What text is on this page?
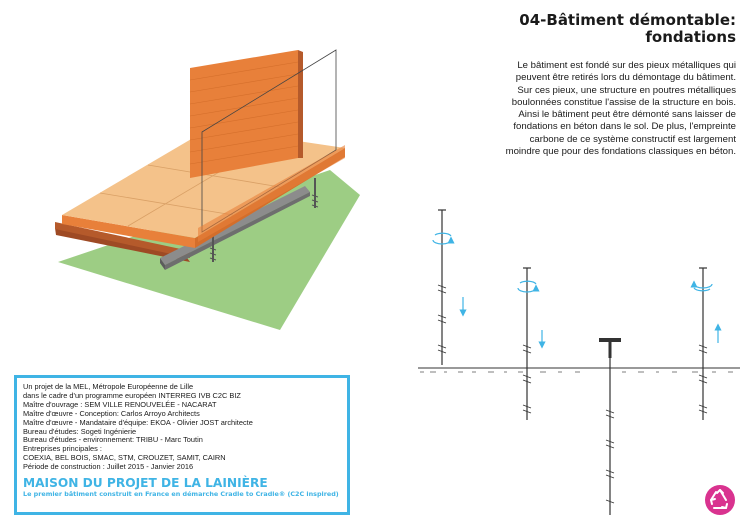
04-Bâtiment démontable:
fondations
Le bâtiment est fondé sur des pieux métalliques qui
peuvent être retirés lors du démontage du bâtiment.
Sur ces pieux, une structure en poutres métalliques
boulonnées constitue l'assise de la structure en bois.
Ainsi le bâtiment peut être démonté sans laisser de
fondations en béton dans le sol. De plus, l'empreinte
carbone de ce système constructif est largement
moindre que pour des fondations classiques en béton.
Un projet de la MEL, Métropole Européenne de Lille
dans le cadre d'un programme européen INTERREG IVB C2C BIZ
Maître d'ouvrage : SEM VILLE RENOUVELÉE - NACARAT
Maître d'œuvre - Conception: Carlos Arroyo Architects
Maître d'œuvre - Mandataire d'équipe: EKOA - Olivier JOST architecte
Bureau d'études: Sogeti Ingénierie
Bureau d'études - environnement: TRIBU - Marc Toutin
Entreprises principales :
COEXIA, BEL BOIS, SMAC, STM, CROUZET, SAMIT, CAIRN
Période de construction : Juillet 2015 - Janvier 2016
MAISON DU PROJET DE LA LAINIÈRE
Le premier bâtiment construit en France en démarche Cradle to Cradle® (C2C inspired)
